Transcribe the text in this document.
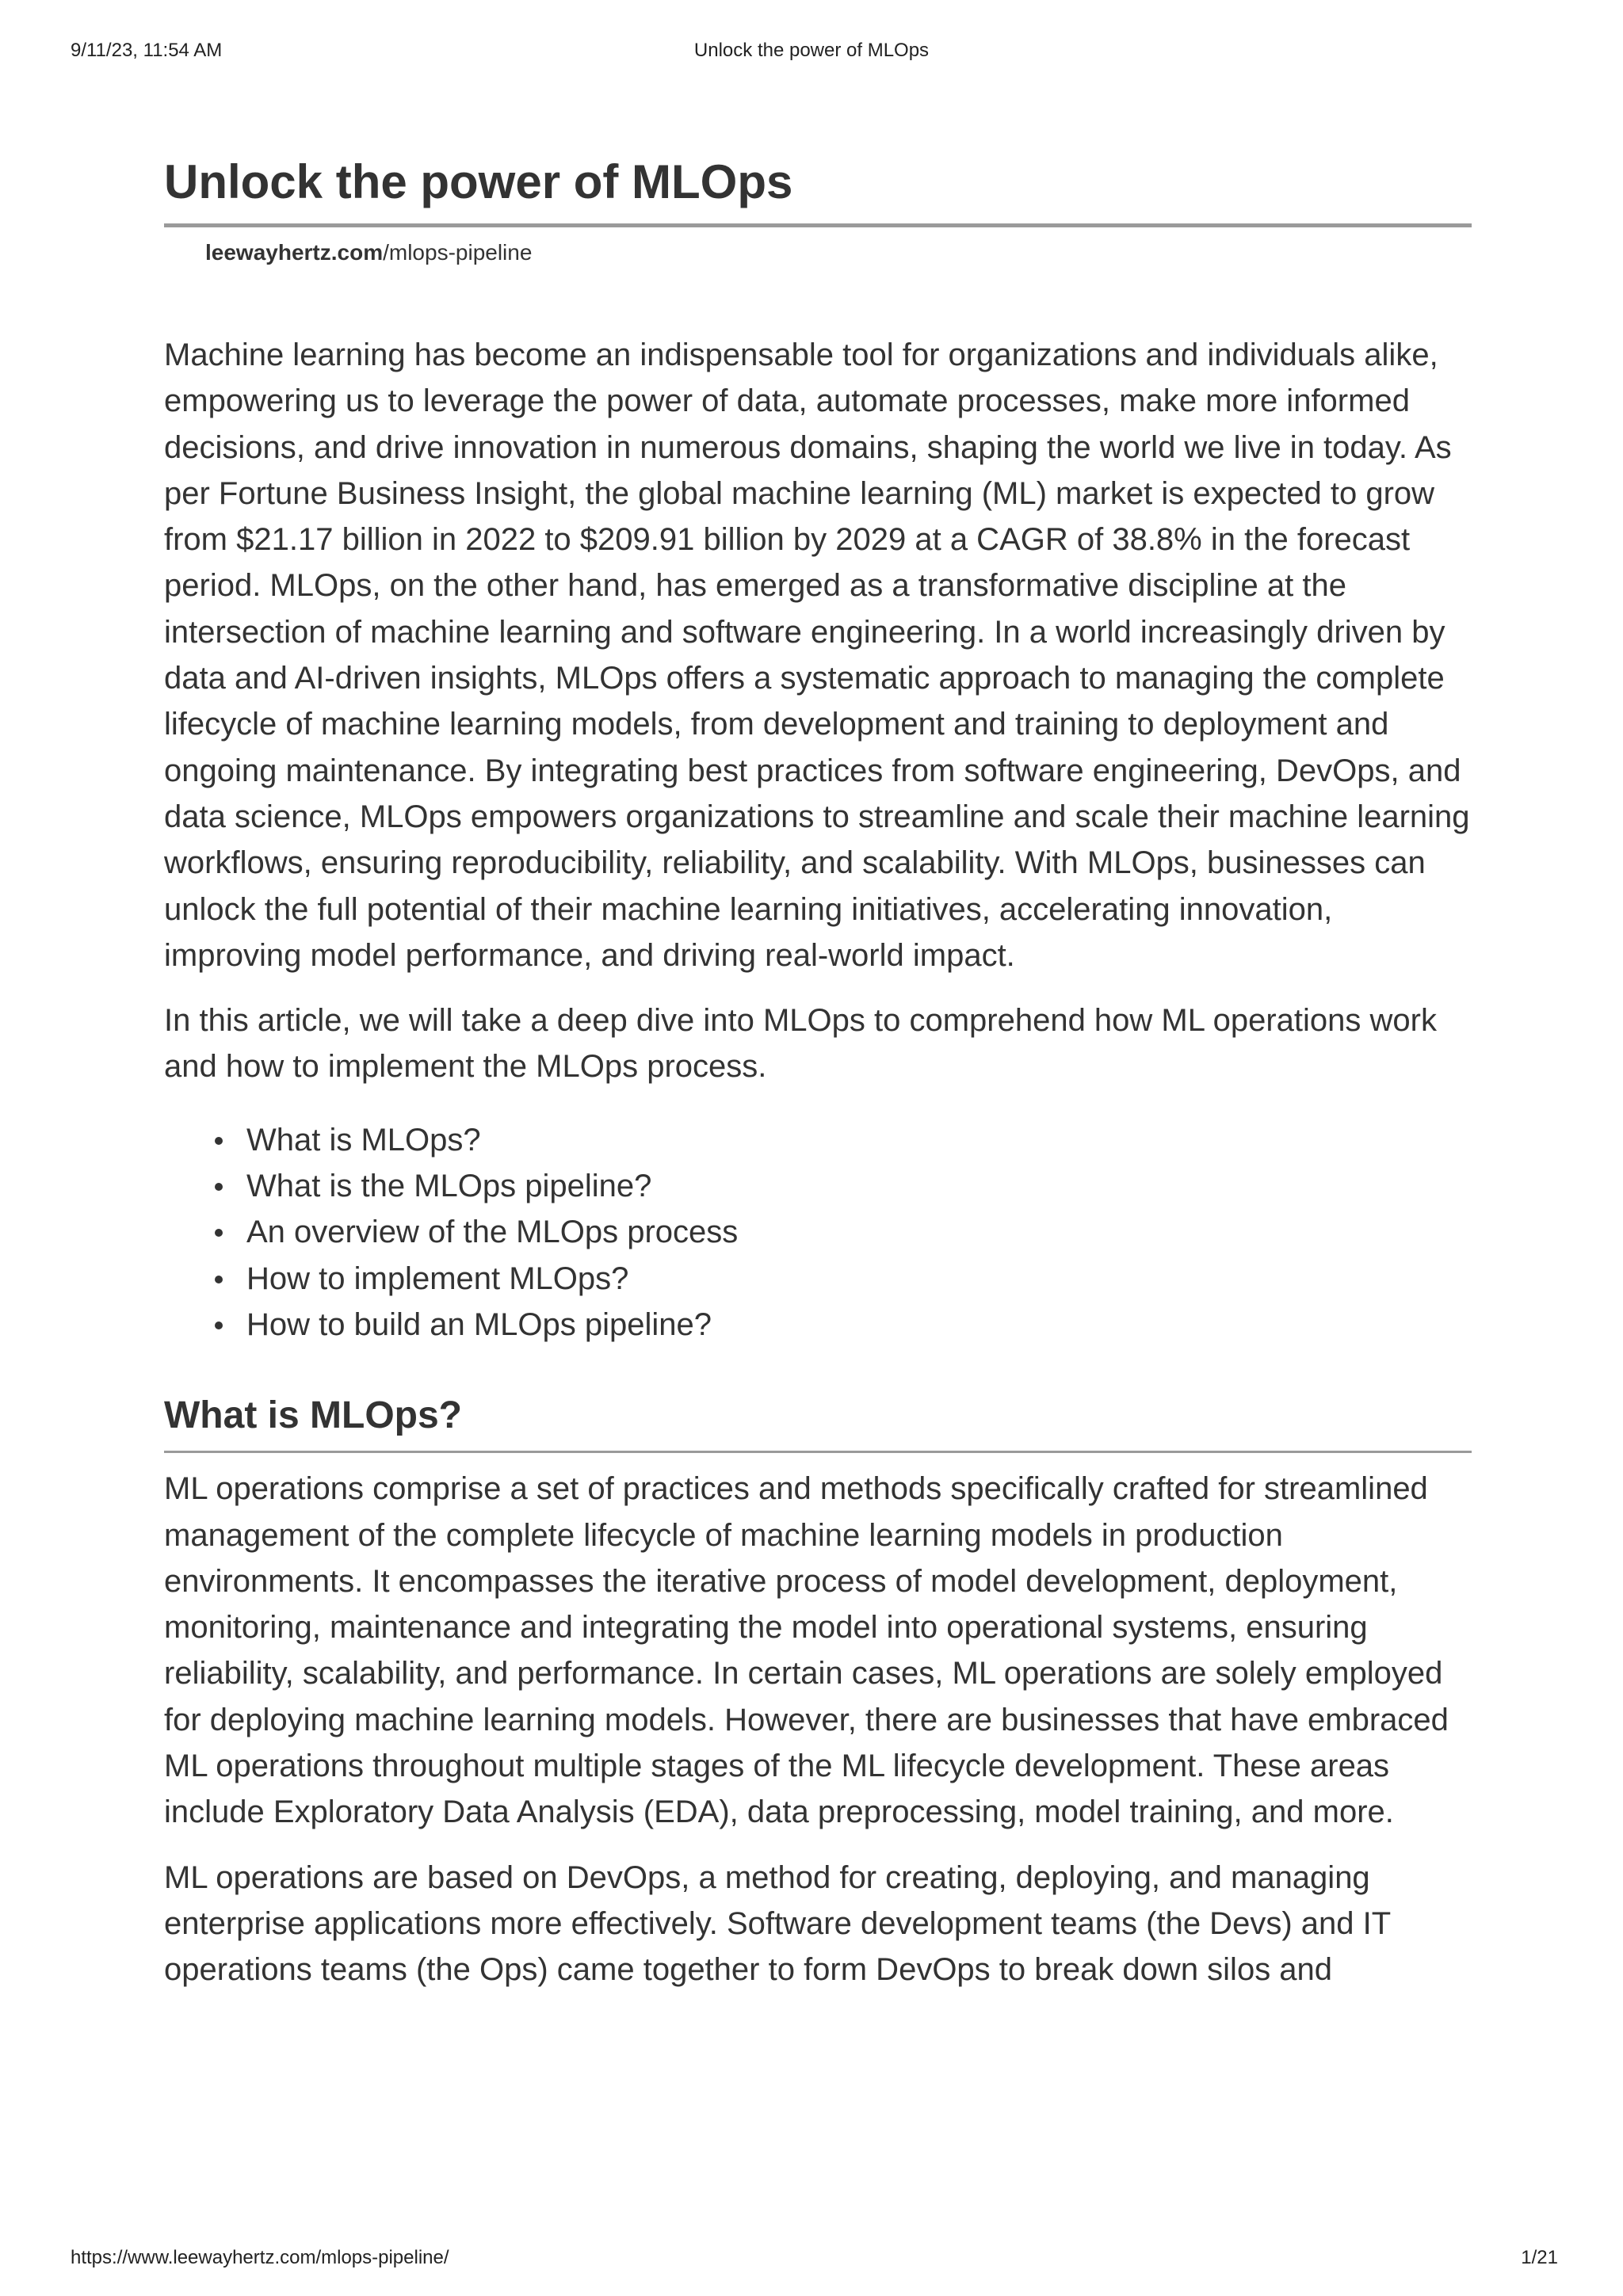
9/11/23, 11:54 AM	Unlock the power of MLOps
Unlock the power of MLOps
leewayhertz.com/mlops-pipeline

Machine learning has become an indispensable tool for organizations and individuals alike, empowering us to leverage the power of data, automate processes, make more informed decisions, and drive innovation in numerous domains, shaping the world we live in today. As per Fortune Business Insight, the global machine learning (ML) market is expected to grow from $21.17 billion in 2022 to $209.91 billion by 2029 at a CAGR of 38.8% in the forecast period. MLOps, on the other hand, has emerged as a transformative discipline at the intersection of machine learning and software engineering. In a world increasingly driven by data and AI-driven insights, MLOps offers a systematic approach to managing the complete lifecycle of machine learning models, from development and training to deployment and ongoing maintenance. By integrating best practices from software engineering, DevOps, and data science, MLOps empowers organizations to streamline and scale their machine learning workflows, ensuring reproducibility, reliability, and scalability. With MLOps, businesses can unlock the full potential of their machine learning initiatives, accelerating innovation, improving model performance, and driving real-world impact.

In this article, we will take a deep dive into MLOps to comprehend how ML operations work and how to implement the MLOps process.

What is MLOps?
What is the MLOps pipeline?
An overview of the MLOps process
How to implement MLOps?
How to build an MLOps pipeline?
What is MLOps?

ML operations comprise a set of practices and methods specifically crafted for streamlined management of the complete lifecycle of machine learning models in production environments. It encompasses the iterative process of model development, deployment, monitoring, maintenance and integrating the model into operational systems, ensuring reliability, scalability, and performance. In certain cases, ML operations are solely employed for deploying machine learning models. However, there are businesses that have embraced ML operations throughout multiple stages of the ML lifecycle development. These areas include Exploratory Data Analysis (EDA), data preprocessing, model training, and more.

ML operations are based on DevOps, a method for creating, deploying, and managing enterprise applications more effectively. Software development teams (the Devs) and IT operations teams (the Ops) came together to form DevOps to break down silos and

https://www.leewayhertz.com/mlops-pipeline/	1/21
